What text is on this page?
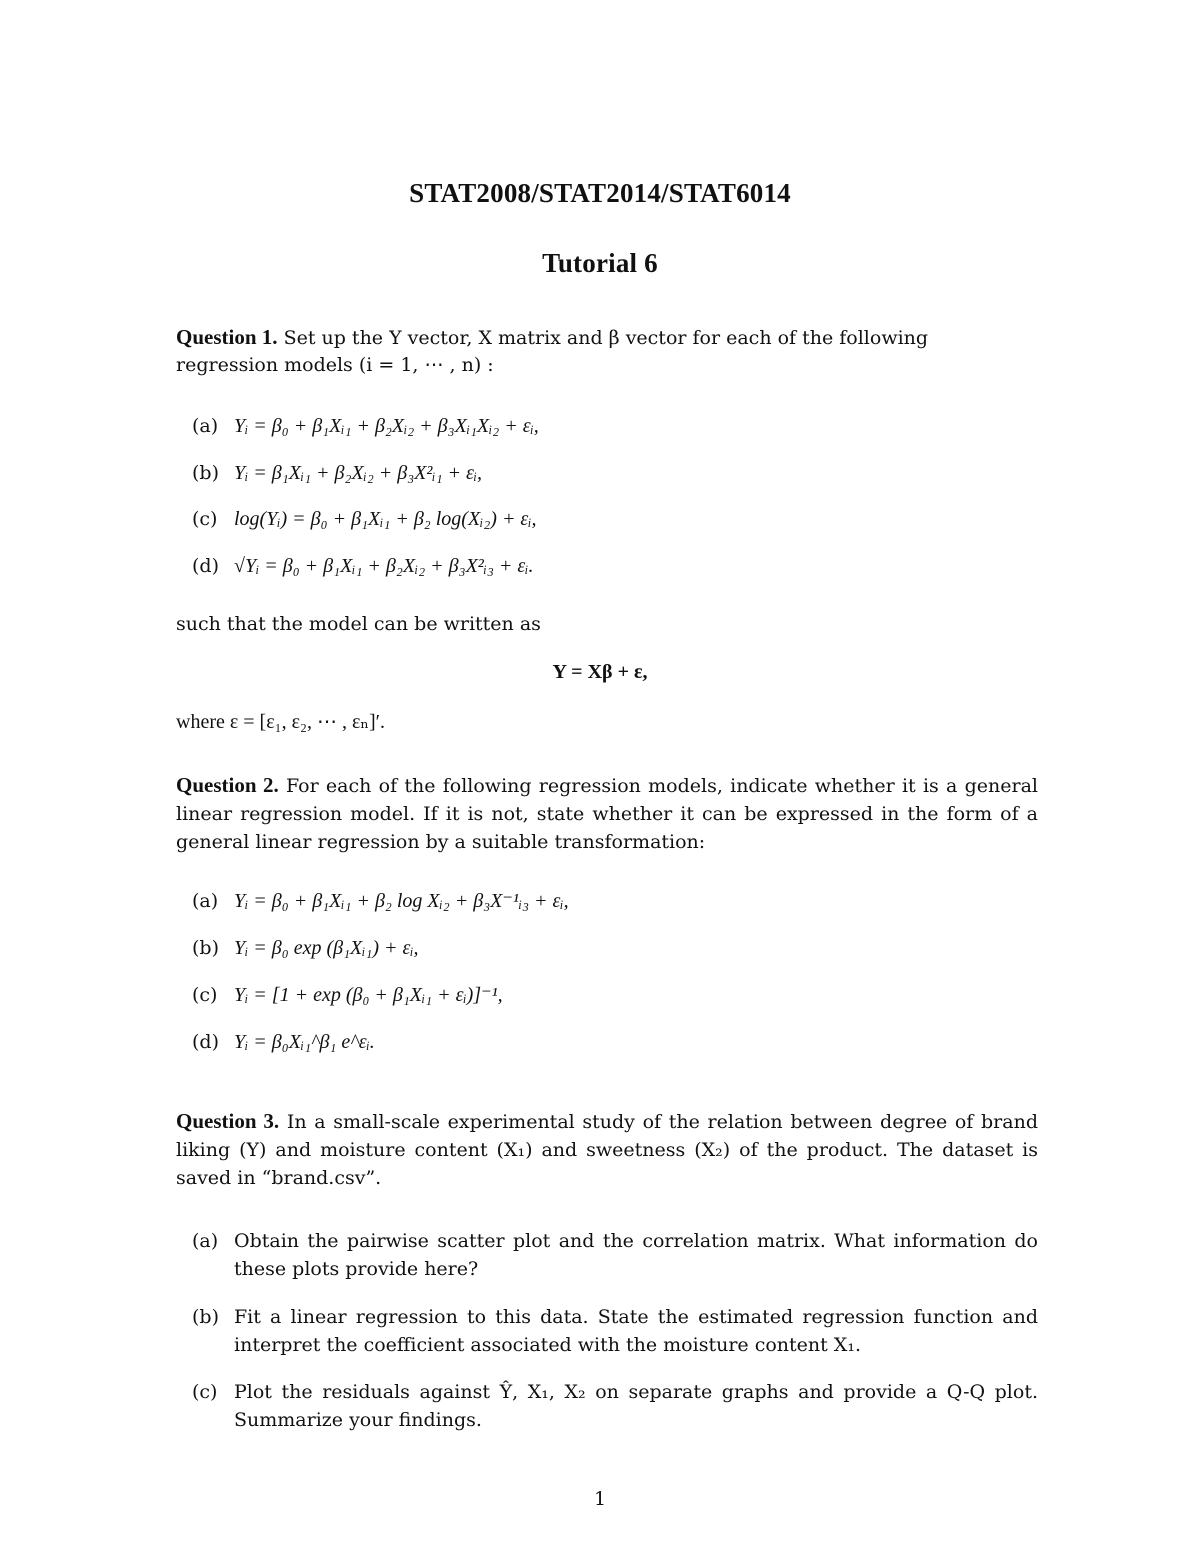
STAT2008/STAT2014/STAT6014
Tutorial 6
Question 1. Set up the Y vector, X matrix and β vector for each of the following
regression models (i = 1, ⋯ , n) :
(a) Yᵢ = β₀ + β₁Xᵢ₁ + β₂Xᵢ₂ + β₃Xᵢ₁Xᵢ₂ + εᵢ,
(b) Yᵢ = β₁Xᵢ₁ + β₂Xᵢ₂ + β₃X²ᵢ₁ + εᵢ,
(c) log(Yᵢ) = β₀ + β₁Xᵢ₁ + β₂ log(Xᵢ₂) + εᵢ,
(d) √Yᵢ = β₀ + β₁Xᵢ₁ + β₂Xᵢ₂ + β₃X²ᵢ₃ + εᵢ.
such that the model can be written as
Y = Xβ + ε,
where ε = [ε₁, ε₂, ⋯ , εₙ]′.
Question 2. For each of the following regression models, indicate whether it is a general linear regression model. If it is not, state whether it can be expressed in the form of a general linear regression by a suitable transformation:
(a) Yᵢ = β₀ + β₁Xᵢ₁ + β₂ log Xᵢ₂ + β₃X⁻¹ᵢ₃ + εᵢ,
(b) Yᵢ = β₀ exp (β₁Xᵢ₁) + εᵢ,
(c) Yᵢ = [1 + exp (β₀ + β₁Xᵢ₁ + εᵢ)]⁻¹,
(d) Yᵢ = β₀Xᵢ₁^β₁ e^εᵢ.
Question 3. In a small-scale experimental study of the relation between degree of brand liking (Y) and moisture content (X₁) and sweetness (X₂) of the product. The dataset is saved in “brand.csv”.
(a) Obtain the pairwise scatter plot and the correlation matrix. What information do these plots provide here?
(b) Fit a linear regression to this data. State the estimated regression function and interpret the coefficient associated with the moisture content X₁.
(c) Plot the residuals against Ŷ, X₁, X₂ on separate graphs and provide a Q-Q plot. Summarize your findings.
1
